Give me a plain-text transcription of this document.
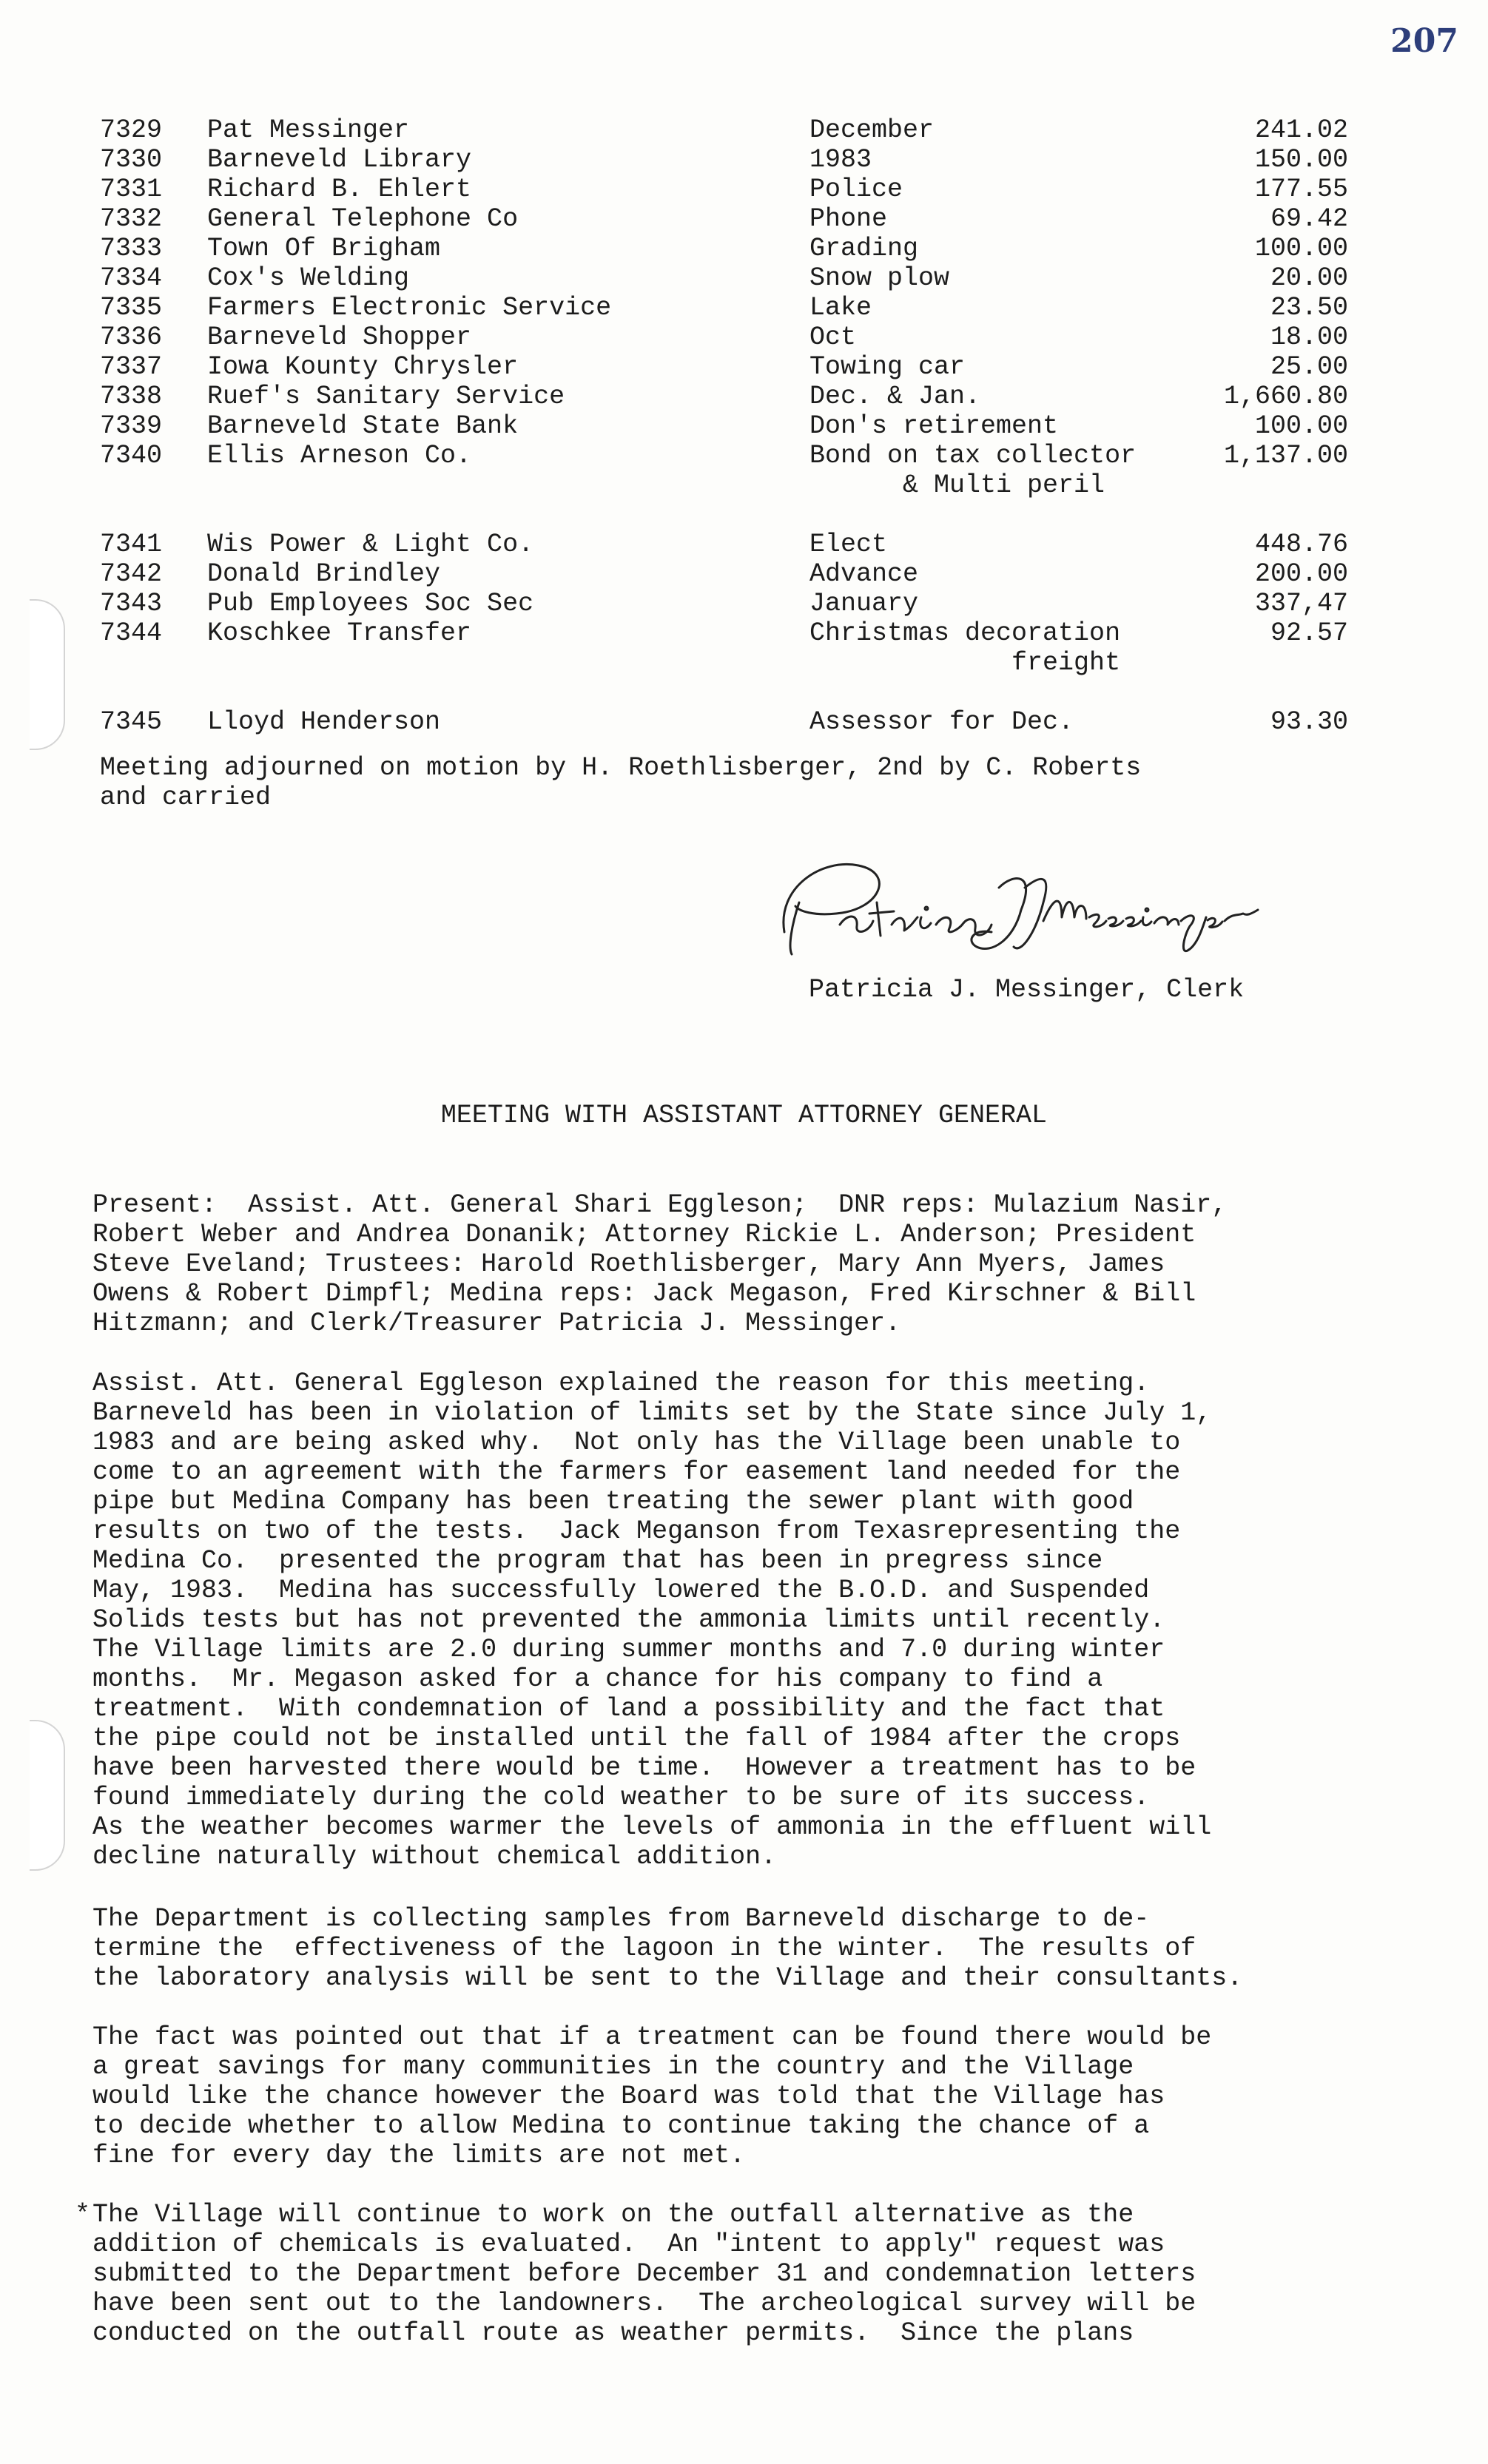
207
7329	Pat Messinger	December	241.02
7330	Barneveld Library	1983	150.00
7331	Richard B. Ehlert	Police	177.55
7332	General Telephone Co	Phone	69.42
7333	Town Of Brigham	Grading	100.00
7334	Cox's Welding	Snow plow	20.00
7335	Farmers Electronic Service	Lake	23.50
7336	Barneveld Shopper	Oct	18.00
7337	Iowa Kounty Chrysler	Towing car	25.00
7338	Ruef's Sanitary Service	Dec. & Jan.	1,660.80
7339	Barneveld State Bank	Don's retirement	100.00
7340	Ellis Arneson Co.	Bond on tax collector	1,137.00
& Multi peril
7341	Wis Power & Light Co.	Elect	448.76
7342	Donald Brindley	Advance	200.00
7343	Pub Employees Soc Sec	January	337,47
7344	Koschkee Transfer	Christmas decoration	92.57
freight
7345	Lloyd Henderson	Assessor for Dec.	93.30
Meeting adjourned on motion by H. Roethlisberger, 2nd by C. Roberts
and carried
Patricia J. Messinger, Clerk
MEETING WITH ASSISTANT ATTORNEY GENERAL
Present:  Assist. Att. General Shari Eggleson;  DNR reps: Mulazium Nasir,
Robert Weber and Andrea Donanik; Attorney Rickie L. Anderson; President
Steve Eveland; Trustees: Harold Roethlisberger, Mary Ann Myers, James
Owens & Robert Dimpfl; Medina reps: Jack Megason, Fred Kirschner & Bill
Hitzmann; and Clerk/Treasurer Patricia J. Messinger.
Assist. Att. General Eggleson explained the reason for this meeting.
Barneveld has been in violation of limits set by the State since July 1,
1983 and are being asked why.  Not only has the Village been unable to
come to an agreement with the farmers for easement land needed for the
pipe but Medina Company has been treating the sewer plant with good
results on two of the tests.  Jack Meganson from Texasrepresenting the
Medina Co.  presented the program that has been in pregress since
May, 1983.  Medina has successfully lowered the B.O.D. and Suspended
Solids tests but has not prevented the ammonia limits until recently.
The Village limits are 2.0 during summer months and 7.0 during winter
months.  Mr. Megason asked for a chance for his company to find a
treatment.  With condemnation of land a possibility and the fact that
the pipe could not be installed until the fall of 1984 after the crops
have been harvested there would be time.  However a treatment has to be
found immediately during the cold weather to be sure of its success.
As the weather becomes warmer the levels of ammonia in the effluent will
decline naturally without chemical addition.
The Department is collecting samples from Barneveld discharge to de-
termine the  effectiveness of the lagoon in the winter.  The results of
the laboratory analysis will be sent to the Village and their consultants.
The fact was pointed out that if a treatment can be found there would be
a great savings for many communities in the country and the Village
would like the chance however the Board was told that the Village has
to decide whether to allow Medina to continue taking the chance of a
fine for every day the limits are not met.
* The Village will continue to work on the outfall alternative as the
addition of chemicals is evaluated.  An "intent to apply" request was
submitted to the Department before December 31 and condemnation letters
have been sent out to the landowners.  The archeological survey will be
conducted on the outfall route as weather permits.  Since the plans
